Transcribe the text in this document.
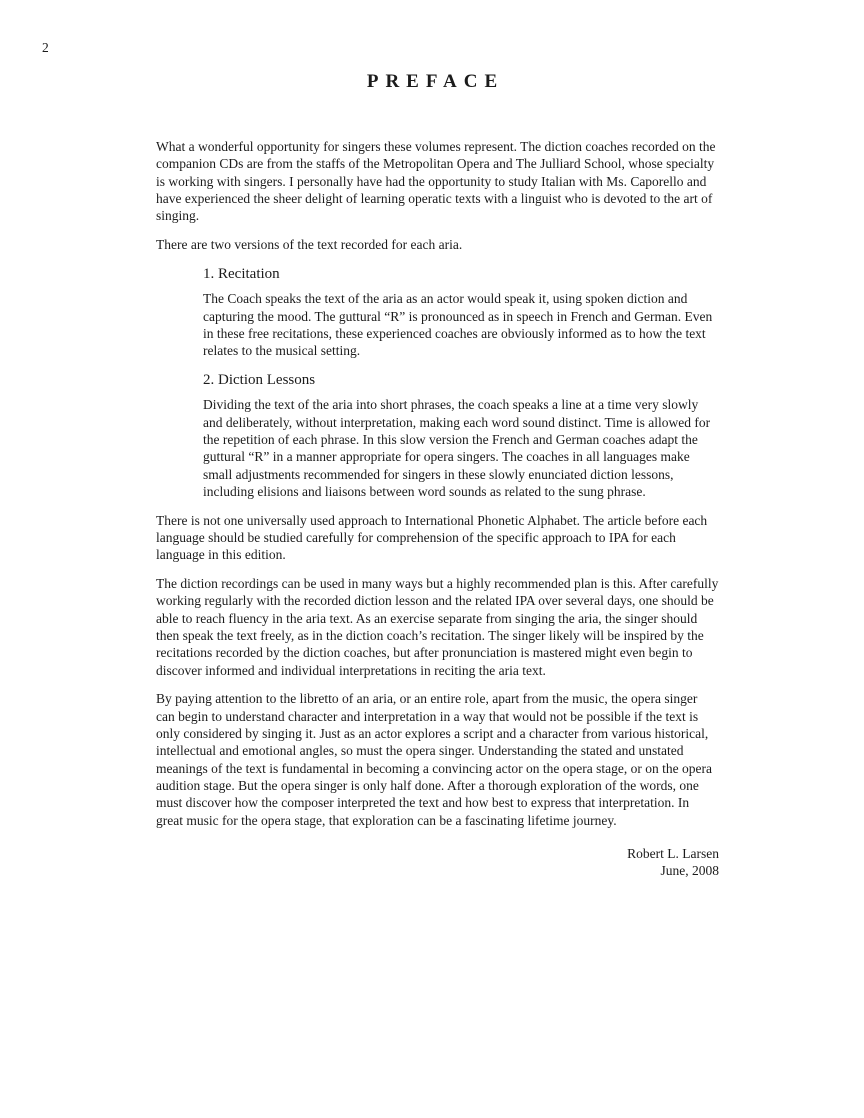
2
PREFACE

What a wonderful opportunity for singers these volumes represent. The diction coaches recorded on the companion CDs are from the staffs of the Metropolitan Opera and The Julliard School, whose specialty is working with singers. I personally have had the opportunity to study Italian with Ms. Caporello and have experienced the sheer delight of learning operatic texts with a linguist who is devoted to the art of singing.

There are two versions of the text recorded for each aria.

1. Recitation

The Coach speaks the text of the aria as an actor would speak it, using spoken diction and capturing the mood. The guttural “R” is pronounced as in speech in French and German. Even in these free recitations, these experienced coaches are obviously informed as to how the text relates to the musical setting.

2. Diction Lessons

Dividing the text of the aria into short phrases, the coach speaks a line at a time very slowly and deliberately, without interpretation, making each word sound distinct. Time is allowed for the repetition of each phrase. In this slow version the French and German coaches adapt the guttural “R” in a manner appropriate for opera singers. The coaches in all languages make small adjustments recommended for singers in these slowly enunciated diction lessons, including elisions and liaisons between word sounds as related to the sung phrase.

There is not one universally used approach to International Phonetic Alphabet. The article before each language should be studied carefully for comprehension of the specific approach to IPA for each language in this edition.

The diction recordings can be used in many ways but a highly recommended plan is this. After carefully working regularly with the recorded diction lesson and the related IPA over several days, one should be able to reach fluency in the aria text. As an exercise separate from singing the aria, the singer should then speak the text freely, as in the diction coach’s recitation. The singer likely will be inspired by the recitations recorded by the diction coaches, but after pronunciation is mastered might even begin to discover informed and individual interpretations in reciting the aria text.

By paying attention to the libretto of an aria, or an entire role, apart from the music, the opera singer can begin to understand character and interpretation in a way that would not be possible if the text is only considered by singing it. Just as an actor explores a script and a character from various historical, intellectual and emotional angles, so must the opera singer. Understanding the stated and unstated meanings of the text is fundamental in becoming a convincing actor on the opera stage, or on the opera audition stage. But the opera singer is only half done. After a thorough exploration of the words, one must discover how the composer interpreted the text and how best to express that interpretation. In great music for the opera stage, that exploration can be a fascinating lifetime journey.

Robert L. Larsen
June, 2008
